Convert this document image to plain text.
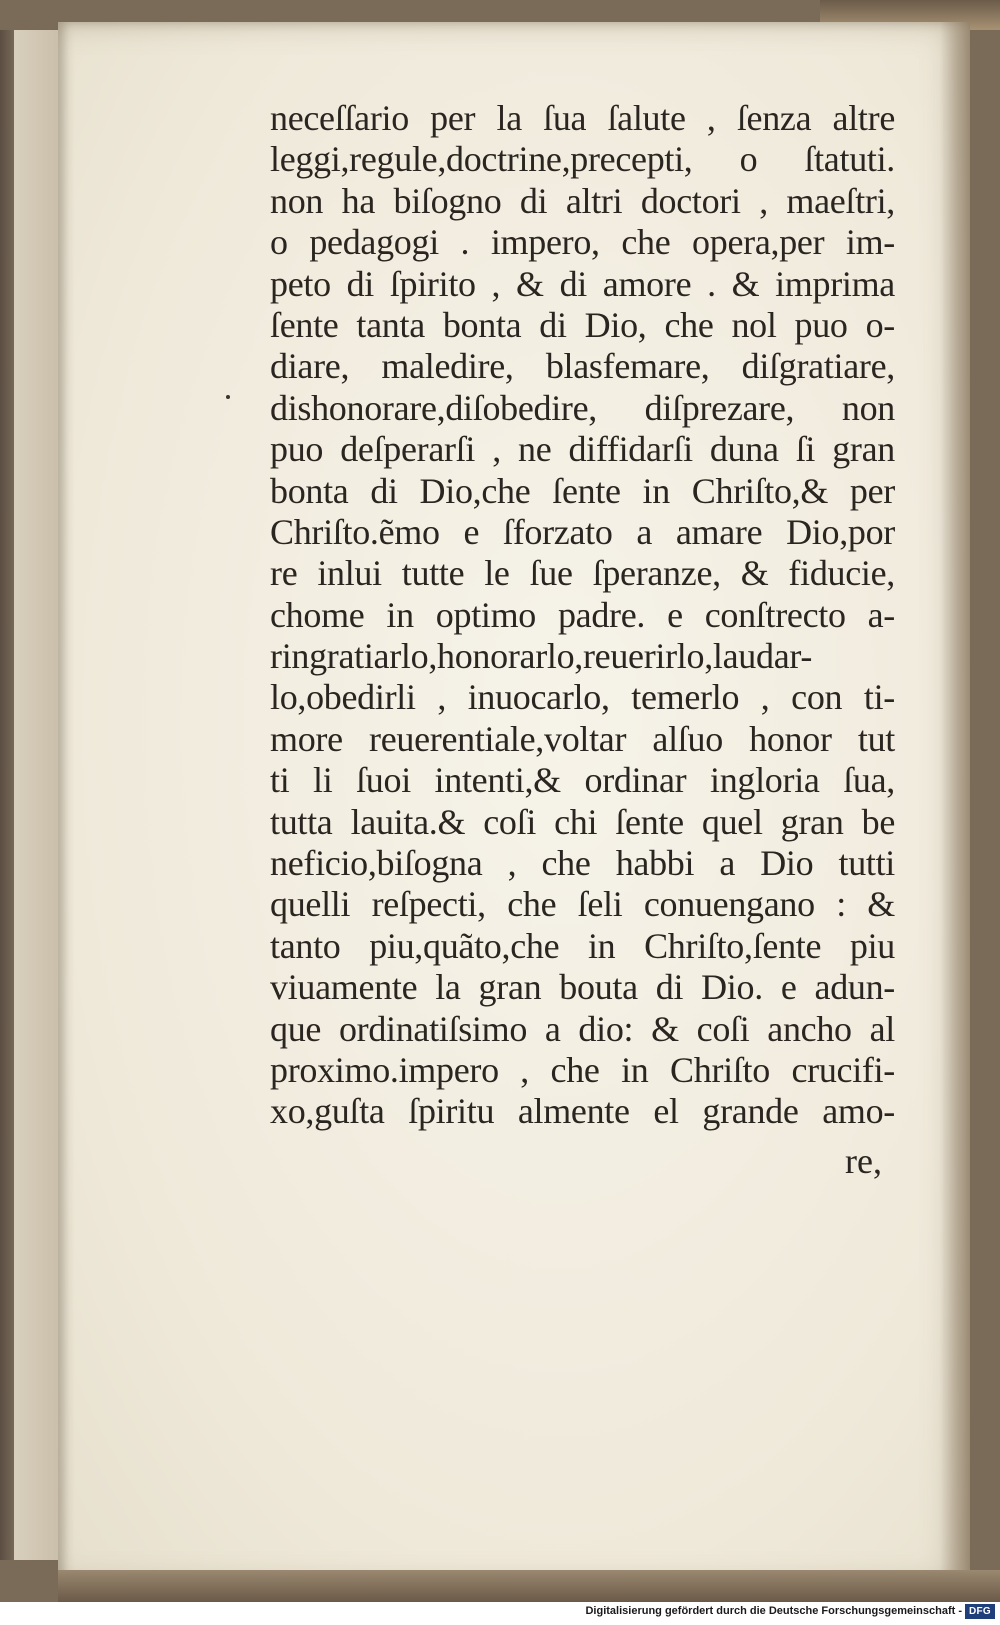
neceſſario per la ſua ſalute , ſenza altre
leggi,regule,doctrine,precepti, o ſtatuti.
non ha biſogno di altri doctori , maeſtri,
o pedagogi . impero, che opera,per im-
peto di ſpirito , & di amore . & imprima
ſente tanta bonta di Dio, che nol puo o-
diare, maledire, blasfemare, diſgratiare,
dishonorare,diſobedire, diſprezare, non
puo deſperarſi , ne diffidarſi duna ſi gran
bonta di Dio,che ſente in Chriſto,& per
Chriſto.ẽmo e ſforzato a amare Dio,por
re inlui tutte le ſue ſperanze, & fiducie,
chome in optimo padre. e conſtrecto a-
ringratiarlo,honorarlo,reuerirlo,laudar-
lo,obedirli , inuocarlo, temerlo , con ti-
more reuerentiale,voltar alſuo honor tut
ti li ſuoi intenti,& ordinar ingloria ſua,
tutta lauita.& coſi chi ſente quel gran be
neficio,biſogna , che habbi a Dio tutti
quelli reſpecti, che ſeli conuengano : &
tanto piu,quãto,che in Chriſto,ſente piu
viuamente la gran bouta di Dio. e adun-
que ordinatiſsimo a dio: & coſi ancho al
proximo.impero , che in Chriſto crucifi-
xo,guſta ſpiritu almente el grande amo-
re,
Digitalisierung gefördert durch die Deutsche Forschungsgemeinschaft - DFG
